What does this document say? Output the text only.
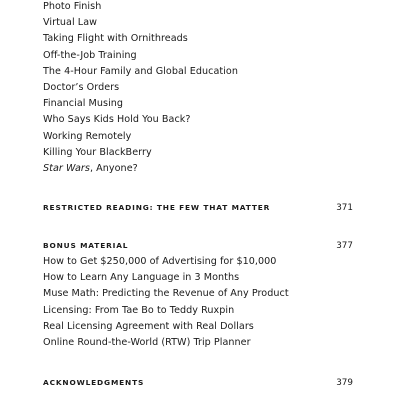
Photo Finish
Virtual Law
Taking Flight with Ornithreads
Off-the-Job Training
The 4-Hour Family and Global Education
Doctor’s Orders
Financial Musing
Who Says Kids Hold You Back?
Working Remotely
Killing Your BlackBerry
Star Wars, Anyone?
RESTRICTED READING: THE FEW THAT MATTER	371
BONUS MATERIAL	377
How to Get $250,000 of Advertising for $10,000
How to Learn Any Language in 3 Months
Muse Math: Predicting the Revenue of Any Product
Licensing: From Tae Bo to Teddy Ruxpin
Real Licensing Agreement with Real Dollars
Online Round-the-World (RTW) Trip Planner
ACKNOWLEDGMENTS	379
